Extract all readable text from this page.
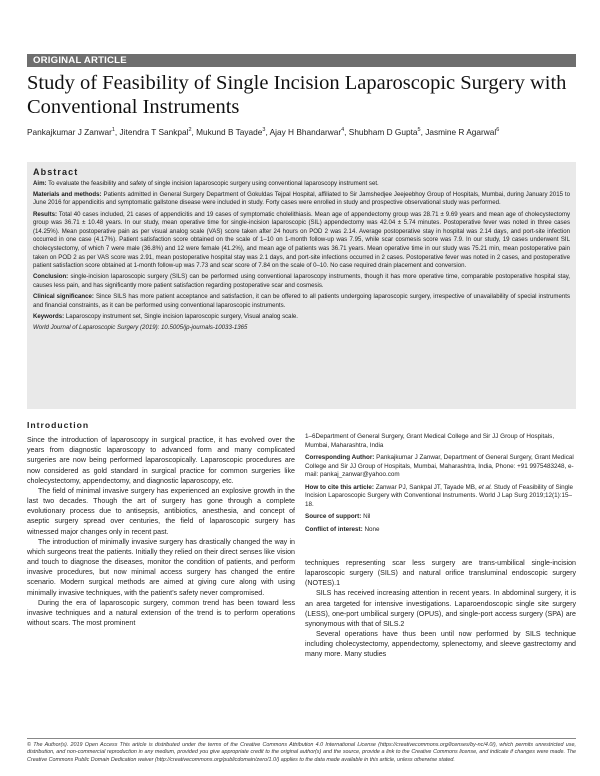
ORIGINAL ARTICLE
Study of Feasibility of Single Incision Laparoscopic Surgery with Conventional Instruments
Pankajkumar J Zanwar$^1$, Jitendra T Sankpal$^2$, Mukund B Tayade$^3$, Ajay H Bhandarwar$^4$, Shubham D Gupta$^5$, Jasmine R Agarwal$^6$
Abstract

Aim: To evaluate the feasibility and safety of single incision laparoscopic surgery using conventional laparoscopy instrument set.

Materials and methods: Patients admitted in General Surgery Department of Gokuldas Tejpal Hospital, affiliated to Sir Jamshedjee Jeejeebhoy Group of Hospitals, Mumbai, during January 2015 to June 2016 for appendicitis and symptomatic gallstone disease were included in study. Forty cases were enrolled in study and prospective observational study was performed.

Results: Total 40 cases included, 21 cases of appendicitis and 19 cases of symptomatic cholelithiasis. Mean age of appendectomy group was 28.71 ± 9.69 years and mean age of cholecystectomy group was 36.71 ± 10.48 years. In our study, mean operative time for single-incision laparoscopic (SIL) appendectomy was 42.04 ± 5.74 minutes. Postoperative fever was noted in three cases (14.25%). Mean postoperative pain as per visual analog scale (VAS) score taken after 24 hours on POD 2 was 2.14. Average postoperative stay in hospital was 2.14 days, and port-site infection occurred in one case (4.17%). Patient satisfaction score obtained on the scale of 1–10 on 1-month follow-up was 7.95, while scar cosmesis score was 7.9. In our study, 19 cases underwent SIL cholecystectomy, of which 7 were male (36.8%) and 12 were female (41.2%), and mean age of patients was 36.71 years. Mean operative time in our study was 75.21 min, mean postoperative pain taken on POD 2 as per VAS score was 2.91, mean postoperative hospital stay was 2.1 days, and port-site infections occurred in 2 cases. Postoperative fever was noted in 2 cases, and postoperative patient satisfaction score obtained at 1-month follow-up was 7.73 and scar score of 7.84 on the scale of 0–10. No case required drain placement and conversion.

Conclusion: single-incision laparoscopic surgery (SILS) can be performed using conventional laparoscopy instruments, though it has more operative time, comparable postoperative hospital stay, causes less pain, and has significantly more patient satisfaction regarding postoperative scar and cosmesis.

Clinical significance: Since SILS has more patient acceptance and satisfaction, it can be offered to all patients undergoing laparoscopic surgery, irrespective of unavailability of special instruments and financial constraints, as it can be performed using conventional laparoscopic instruments.

Keywords: Laparoscopy instrument set, Single incision laparoscopic surgery, Visual analog scale.

World Journal of Laparoscopic Surgery (2019): 10.5005/jp-journals-10033-1365

Introduction

Since the introduction of laparoscopy in surgical practice, it has evolved over the years from diagnostic laparoscopy to advanced form and many complicated surgeries are now being performed laparoscopically. Laparoscopic procedures are now considered as gold standard in surgical practice for common surgeries like cholecystectomy, appendectomy, and diagnostic laparoscopy, etc.

The field of minimal invasive surgery has experienced an explosive growth in the last two decades. Though the art of surgery has gone through a complete evolutionary process due to antisepsis, antibiotics, anesthesia, and concept of aseptic surgery spread over centuries, the field of laparoscopic surgery has witnessed major changes only in recent past.

The introduction of minimally invasive surgery has drastically changed the way in which surgeons treat the patients. Initially they relied on their direct senses like vision and touch to diagnose the diseases, monitor the condition of patients, and perform invasive procedures, but now minimal access surgery has changed the entire scenario. Modern surgical methods are aimed at giving cure along with using minimally invasive techniques, with the patient’s safety never compromised.

During the era of laparoscopic surgery, common trend has been toward less invasive techniques and a natural extension of the trend is to perform operations without scars. The most prominent

1–6Department of General Surgery, Grant Medical College and Sir JJ Group of Hospitals, Mumbai, Maharashtra, India

Corresponding Author: Pankajkumar J Zanwar, Department of General Surgery, Grant Medical College and Sir JJ Group of Hospitals, Mumbai, Maharashtra, India, Phone: +91 9975483248, e-mail: pankaj_zanwar@yahoo.com

How to cite this article: Zanwar PJ, Sankpal JT, Tayade MB, et al. Study of Feasibility of Single Incision Laparoscopic Surgery with Conventional Instruments. World J Lap Surg 2019;12(1):15–18.

Source of support: Nil

Conflict of interest: None

techniques representing scar less surgery are trans-umbilical single-incision laparoscopic surgery (SILS) and natural orifice transluminal endoscopic surgery (NOTES).1

SILS has received increasing attention in recent years. In abdominal surgery, it is an area targeted for intensive investigations. Laparoendoscopic single site surgery (LESS), one-port umbilical surgery (OPUS), and single-port access surgery (SPA) are synonymous with that of SILS.2

Several operations have thus been until now performed by SILS technique including cholecystectomy, appendectomy, splenectomy, and sleeve gastrectomy and many more. Many studies

© The Author(s). 2019 Open Access This article is distributed under the terms of the Creative Commons Attribution 4.0 International License (https://creativecommons.org/licenses/by-nc/4.0/), which permits unrestricted use, distribution, and non-commercial reproduction in any medium, provided you give appropriate credit to the original author(s) and the source, provide a link to the Creative Commons license, and indicate if changes were made. The Creative Commons Public Domain Dedication waiver (http://creativecommons.org/publicdomain/zero/1.0/) applies to the data made available in this article, unless otherwise stated.
